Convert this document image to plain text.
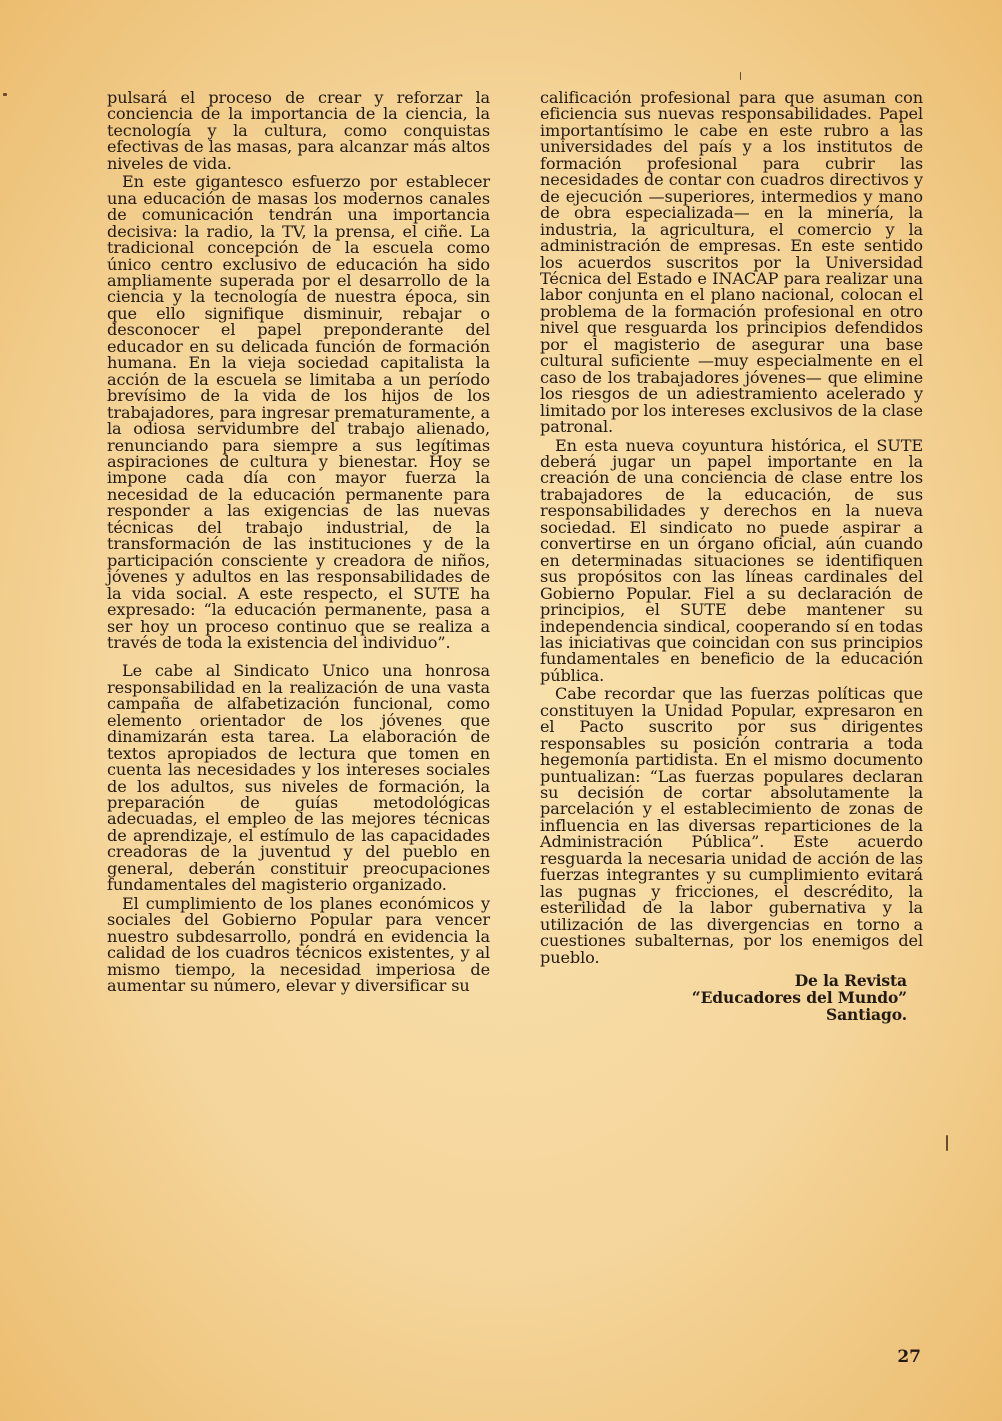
pulsará el proceso de crear y reforzar la conciencia de la importancia de la ciencia, la tecnología y la cultura, como conquistas efectivas de las masas, para alcanzar más altos niveles de vida.

En este gigantesco esfuerzo por establecer una educación de masas los modernos canales de comunicación tendrán una importancia decisiva: la radio, la TV, la prensa, el ciñe. La tradicional concepción de la escuela como único centro exclusivo de educación ha sido ampliamente superada por el desarrollo de la ciencia y la tecnología de nuestra época, sin que ello signifique disminuir, rebajar o desconocer el papel preponderante del educador en su delicada función de formación humana. En la vieja sociedad capitalista la acción de la escuela se limitaba a un período brevísimo de la vida de los hijos de los trabajadores, para ingresar prematuramente, a la odiosa servidumbre del trabajo alienado, renunciando para siempre a sus legítimas aspiraciones de cultura y bienestar. Hoy se impone cada día con mayor fuerza la necesidad de la educación permanente para responder a las exigencias de las nuevas técnicas del trabajo industrial, de la transformación de las instituciones y de la participación consciente y creadora de niños, jóvenes y adultos en las responsabilidades de la vida social. A este respecto, el SUTE ha expresado: “la educación permanente, pasa a ser hoy un proceso continuo que se realiza a través de toda la existencia del individuo”.

Le cabe al Sindicato Unico una honrosa responsabilidad en la realización de una vasta campaña de alfabetización funcional, como elemento orientador de los jóvenes que dinamizarán esta tarea. La elaboración de textos apropiados de lectura que tomen en cuenta las necesidades y los intereses sociales de los adultos, sus niveles de formación, la preparación de guías metodológicas adecuadas, el empleo de las mejores técnicas de aprendizaje, el estímulo de las capacidades creadoras de la juventud y del pueblo en general, deberán constituir preocupaciones fundamentales del magisterio organizado.

El cumplimiento de los planes económicos y sociales del Gobierno Popular para vencer nuestro subdesarrollo, pondrá en evidencia la calidad de los cuadros técnicos existentes, y al mismo tiempo, la necesidad imperiosa de aumentar su número, elevar y diversificar su

calificación profesional para que asuman con eficiencia sus nuevas responsabilidades. Papel importantísimo le cabe en este rubro a las universidades del país y a los institutos de formación profesional para cubrir las necesidades de contar con cuadros directivos y de ejecución —superiores, intermedios y mano de obra especializada— en la minería, la industria, la agricultura, el comercio y la administración de empresas. En este sentido los acuerdos suscritos por la Universidad Técnica del Estado e INACAP para realizar una labor conjunta en el plano nacional, colocan el problema de la formación profesional en otro nivel que resguarda los principios defendidos por el magisterio de asegurar una base cultural suficiente —muy especialmente en el caso de los trabajadores jóvenes— que elimine los riesgos de un adiestramiento acelerado y limitado por los intereses exclusivos de la clase patronal.

En esta nueva coyuntura histórica, el SUTE deberá jugar un papel importante en la creación de una conciencia de clase entre los trabajadores de la educación, de sus responsabilidades y derechos en la nueva sociedad. El sindicato no puede aspirar a convertirse en un órgano oficial, aún cuando en determinadas situaciones se identifiquen sus propósitos con las líneas cardinales del Gobierno Popular. Fiel a su declaración de principios, el SUTE debe mantener su independencia sindical, cooperando sí en todas las iniciativas que coincidan con sus principios fundamentales en beneficio de la educación pública.

Cabe recordar que las fuerzas políticas que constituyen la Unidad Popular, expresaron en el Pacto suscrito por sus dirigentes responsables su posición contraria a toda hegemonía partidista. En el mismo documento puntualizan: “Las fuerzas populares declaran su decisión de cortar absolutamente la parcelación y el establecimiento de zonas de influencia en las diversas reparticiones de la Administración Pública”. Este acuerdo resguarda la necesaria unidad de acción de las fuerzas integrantes y su cumplimiento evitará las pugnas y fricciones, el descrédito, la esterilidad de la labor gubernativa y la utilización de las divergencias en torno a cuestiones subalternas, por los enemigos del pueblo.

De la Revista
“Educadores del Mundo”
Santiago.
27
